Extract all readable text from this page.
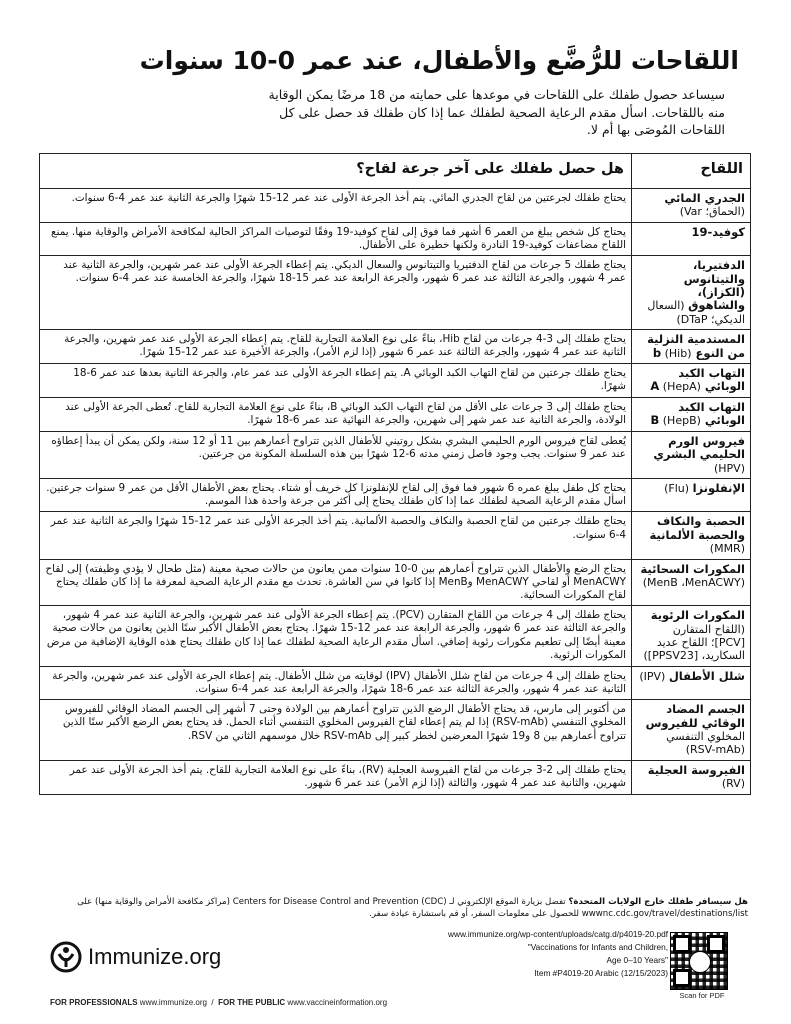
اللقاحات للرُّضَّع والأطفال، عند عمر 0-10 سنوات
سيساعد حصول طفلك على اللقاحات في موعدها على حمايته من 18 مرضًا يمكن الوقاية منه باللقاحات. اسأل مقدم الرعاية الصحية لطفلك عما إذا كان طفلك قد حصل على كل اللقاحات المُوصَى بها أم لا.
اللقاح	هل حصل طفلك على آخر جرعة لقاح؟
الجدري المائي (الحماق؛ Var)	يحتاج طفلك لجرعتين من لقاح الجدري المائي. يتم أخذ الجرعة الأولى عند عمر 12-15 شهرًا والجرعة الثانية عند عمر 4-6 سنوات.
كوفيد-19	يحتاج كل شخص يبلغ من العمر 6 أشهر فما فوق إلى لقاح كوفيد-19 وفقًا لتوصيات المراكز الحالية لمكافحة الأمراض والوقاية منها. يمنع اللقاح مضاعفات كوفيد-19 النادرة ولكنها خطيرة على الأطفال.
الدفتيريا، والتيتانوس (الكزاز)، والشاهوق (السعال الديكي؛ DTaP)	يحتاج طفلك 5 جرعات من لقاح الدفتيريا والتيتانوس والسعال الديكي. يتم إعطاء الجرعة الأولى عند عمر شهرين، والجرعة الثانية عند عمر 4 شهور، والجرعة الثالثة عند عمر 6 شهور، والجرعة الرابعة عند عمر 15-18 شهرًا، والجرعة الخامسة عند عمر 4-6 سنوات.
المستدمية النزلية من النوع b (Hib)	يحتاج طفلك إلى 3-4 جرعات من لقاح Hib، بناءً على نوع العلامة التجارية للقاح. يتم إعطاء الجرعة الأولى عند عمر شهرين، والجرعة الثانية عند عمر 4 شهور، والجرعة الثالثة عند عمر 6 شهور (إذا لزم الأمر)، والجرعة الأخيرة عند عمر 12-15 شهرًا.
التهاب الكبد الوبائي A (HepA)	يحتاج طفلك جرعتين من لقاح التهاب الكبد الوبائي A. يتم إعطاء الجرعة الأولى عند عمر عام، والجرعة الثانية بعدها عند عمر 6-18 شهرًا.
التهاب الكبد الوبائي B (HepB)	يحتاج طفلك إلى 3 جرعات على الأقل من لقاح التهاب الكبد الوبائي B، بناءً على نوع العلامة التجارية للقاح. تُعطى الجرعة الأولى عند الولادة، والجرعة الثانية عند عمر شهر إلى شهرين، والجرعة النهائية عند عمر 6-18 شهرًا.
فيروس الورم الحليمي البشري (HPV)	يُعطى لقاح فيروس الورم الحليمي البشري بشكل روتيني للأطفال الذين تتراوح أعمارهم بين 11 أو 12 سنة، ولكن يمكن أن يبدأ إعطاؤه عند عمر 9 سنوات. يجب وجود فاصل زمني مدته 6-12 شهرًا بين هذه السلسلة المكونة من جرعتين.
الإنفلونزا (Flu)	يحتاج كل طفل يبلغ عمره 6 شهور فما فوق إلى لقاح للإنفلونزا كل خريف أو شتاء. يحتاج بعض الأطفال الأقل من عمر 9 سنوات جرعتين. اسأل مقدم الرعاية الصحية لطفلك عما إذا كان طفلك يحتاج إلى أكثر من جرعة واحدة هذا الموسم.
الحصبة والنكاف والحصبة الألمانية (MMR)	يحتاج طفلك جرعتين من لقاح الحصبة والنكاف والحصبة الألمانية. يتم أخذ الجرعة الأولى عند عمر 12-15 شهرًا والجرعة الثانية عند عمر 4-6 سنوات.
المكورات السحائية (MenB ،MenACWY)	يحتاج الرضع والأطفال الذين تتراوح أعمارهم بين 0-10 سنوات ممن يعانون من حالات صحية معينة (مثل طحال لا يؤدي وظيفته) إلى لقاح MenACWY أو لقاحي MenACWY وMenB إذا كانوا في سن العاشرة. تحدث مع مقدم الرعاية الصحية لمعرفة ما إذا كان طفلك يحتاج لقاح المكورات السحائية.
المكورات الرئوية (اللقاح المتقارن [PCV]؛ اللقاح عديد السكاريد، [PPSV23])	يحتاج طفلك إلى 4 جرعات من اللقاح المتقارن (PCV). يتم إعطاء الجرعة الأولى عند عمر شهرين، والجرعة الثانية عند عمر 4 شهور، والجرعة الثالثة عند عمر 6 شهور، والجرعة الرابعة عند عمر 12-15 شهرًا. يحتاج بعض الأطفال الأكبر سنًا الذين يعانون من حالات صحية معينة أيضًا إلى تطعيم مكورات رئوية إضافي. اسأل مقدم الرعاية الصحية لطفلك عما إذا كان طفلك يحتاج هذه الوقاية الإضافية من مرض المكورات الرئوية.
شلل الأطفال (IPV)	يحتاج طفلك إلى 4 جرعات من لقاح شلل الأطفال (IPV) لوقايته من شلل الأطفال. يتم إعطاء الجرعة الأولى عند عمر شهرين، والجرعة الثانية عند عمر 4 شهور، والجرعة الثالثة عند عمر 6-18 شهرًا، والجرعة الرابعة عند عمر 4-6 سنوات.
الجسم المضاد الوقائي للفيروس المخلوي التنفسي (RSV-mAb)	من أكتوبر إلى مارس، قد يحتاج الأطفال الرضع الذين تتراوح أعمارهم بين الولادة وحتى 7 أشهر إلى الجسم المضاد الوقائي للفيروس المخلوي التنفسي (RSV-mAb) إذا لم يتم إعطاء لقاح الفيروس المخلوي التنفسي أثناء الحمل. قد يحتاج بعض الرضع الأكبر سنًا الذين تتراوح أعمارهم بين 8 و19 شهرًا المعرضين لخطر كبير إلى RSV-mAb خلال موسمهم الثاني من RSV.
الفيروسة العجلية (RV)	يحتاج طفلك إلى 2-3 جرعات من لقاح الفيروسة العجلية (RV)، بناءً على نوع العلامة التجارية للقاح. يتم أخذ الجرعة الأولى عند عمر شهرين، والثانية عند عمر 4 شهور، والثالثة (إذا لزم الأمر) عند عمر 6 شهور.
هل سيسافر طفلك خارج الولايات المتحدة؟ تفضل بزيارة الموقع الإلكتروني لـ Centers for Disease Control and Prevention (CDC) (مراكز مكافحة الأمراض والوقاية منها) على wwwnc.cdc.gov/travel/destinations/list للحصول على معلومات السفر، أو قم باستشارة عيادة سفر.
Immunize.org
FOR PROFESSIONALS www.immunize.org / FOR THE PUBLIC www.vaccineinformation.org
www.immunize.org/wp-content/uploads/catg.d/p4019-20.pdf
"Vaccinations for Infants and Children,
Age 0–10 Years"
Item #P4019-20 Arabic (12/15/2023)
Scan for PDF
